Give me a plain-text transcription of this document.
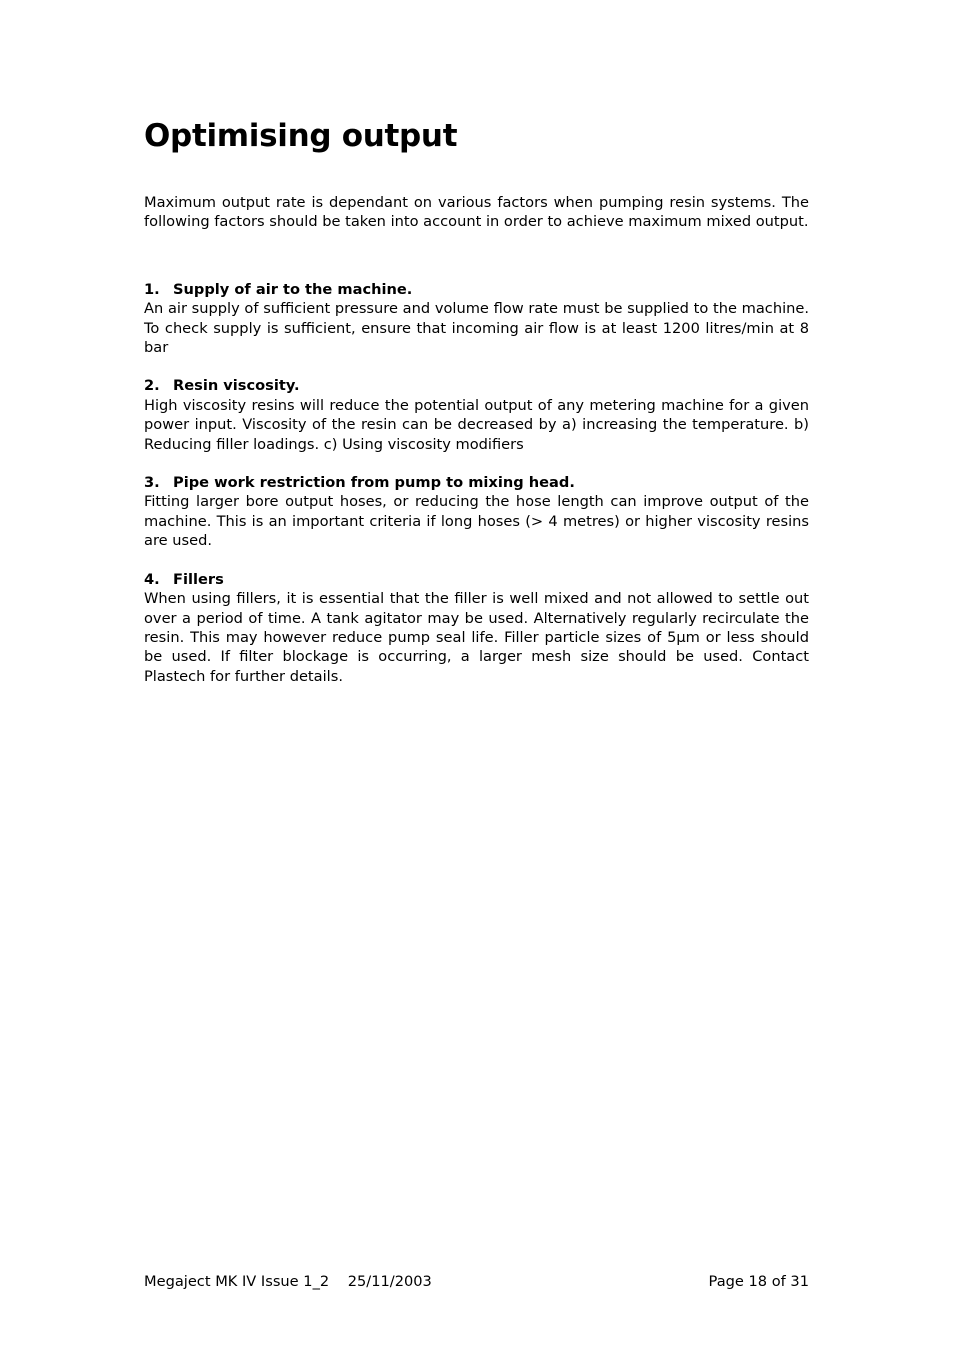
Optimising output

Maximum output rate is dependant on various factors when pumping resin systems. The following factors should be taken into account in order to achieve maximum mixed output.

1. Supply of air to the machine.

An air supply of sufficient pressure and volume flow rate must be supplied to the machine. To check supply is sufficient, ensure that incoming air flow is at least 1200 litres/min at 8 bar

2. Resin viscosity.

High viscosity resins will reduce the potential output of any metering machine for a given power input. Viscosity of the resin can be decreased by a) increasing the temperature. b) Reducing filler loadings. c) Using viscosity modifiers

3. Pipe work restriction from pump to mixing head.

Fitting larger bore output hoses, or reducing the hose length can improve output of the machine. This is an important criteria if long hoses (> 4 metres) or higher viscosity resins are used.

4. Fillers

When using fillers, it is essential that the filler is well mixed and not allowed to settle out over a period of time. A tank agitator may be used. Alternatively regularly recirculate the resin. This may however reduce pump seal life. Filler particle sizes of 5μm or less should be used. If filter blockage is occurring, a larger mesh size should be used. Contact Plastech for further details.

Megaject MK IV Issue 1_2    25/11/2003	Page 18 of 31
